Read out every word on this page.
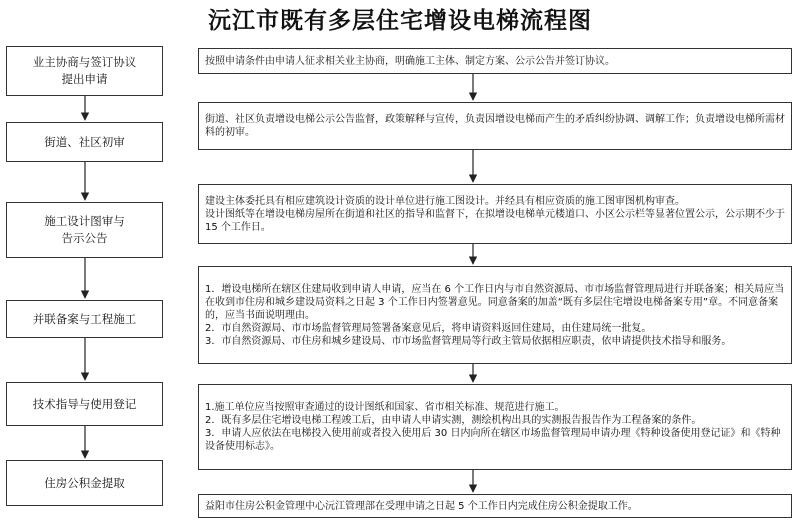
沅江市既有多层住宅增设电梯流程图
业主协商与签订协议
提出申请
街道、社区初审
施工设计图审与
告示公告
并联备案与工程施工
技术指导与使用登记
住房公积金提取

按照申请条件由申请人征求相关业主协商，明确施工主体、制定方案、公示公告并签订协议。

街道、社区负责增设电梯公示公告监督，政策解释与宣传，负责因增设电梯而产生的矛盾纠纷协调、调解工作；负责增设电梯所需材料的初审。

建设主体委托具有相应建筑设计资质的设计单位进行施工图设计。并经具有相应资质的施工图审图机构审查。

设计图纸等在增设电梯房屋所在街道和社区的指导和监督下，在拟增设电梯单元楼道口、小区公示栏等显著位置公示，公示期不少于 15 个工作日。

1．增设电梯所在辖区住建局收到申请人申请，应当在 6 个工作日内与市自然资源局、市市场监督管理局进行并联备案；相关局应当在收到市住房和城乡建设局资料之日起 3 个工作日内签署意见。同意备案的加盖“既有多层住宅增设电梯备案专用”章。不同意备案的，应当书面说明理由。

2．市自然资源局、市市场监督管理局签署备案意见后，将申请资料返回住建局，由住建局统一批复。

3．市自然资源局、市住房和城乡建设局、市市场监督管理局等行政主管局依据相应职责，依申请提供技术指导和服务。

1.施工单位应当按照审查通过的设计图纸和国家、省市相关标准、规范进行施工。

2．既有多层住宅增设电梯工程竣工后，由申请人申请实测，测绘机构出具的实测报告报告作为工程备案的条件。

3．申请人应依法在电梯投入使用前或者投入使用后 30 日内向所在辖区市场监督管理局申请办理《特种设备使用登记证》和《特种设备使用标志》。

益阳市住房公积金管理中心沅江管理部在受理申请之日起 5 个工作日内完成住房公积金提取工作。
